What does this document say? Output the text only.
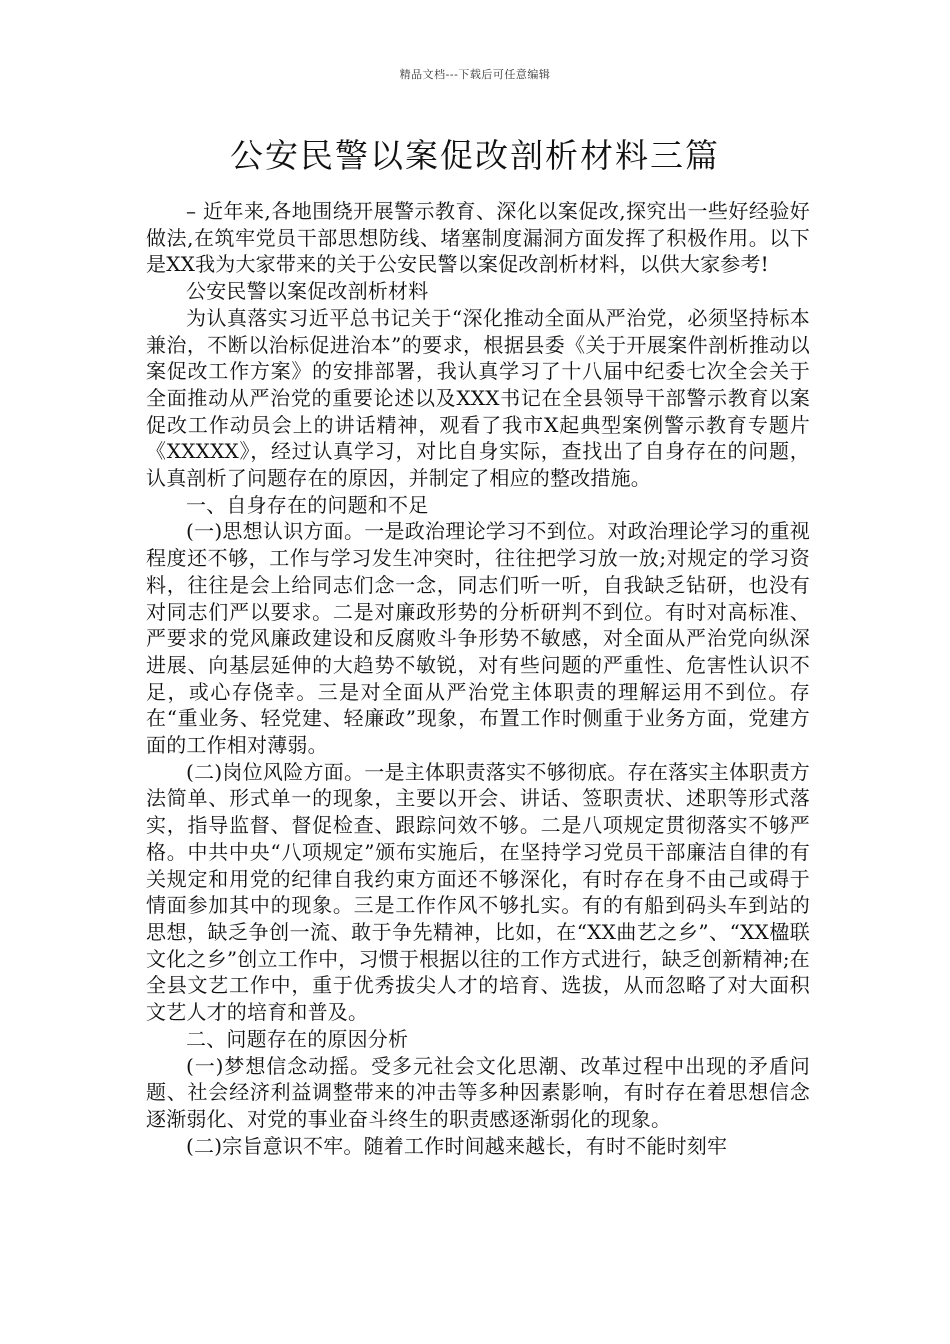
精品文档---下载后可任意编辑
公安民警以案促改剖析材料三篇

– 近年来,各地围绕开展警示教育、深化以案促改,探究出一些好经验好做法,在筑牢党员干部思想防线、堵塞制度漏洞方面发挥了积极作用。以下是XX我为大家带来的关于公安民警以案促改剖析材料，以供大家参考!

公安民警以案促改剖析材料

为认真落实习近平总书记关于“深化推动全面从严治党，必须坚持标本兼治，不断以治标促进治本”的要求，根据县委《关于开展案件剖析推动以案促改工作方案》的安排部署，我认真学习了十八届中纪委七次全会关于全面推动从严治党的重要论述以及XXX书记在全县领导干部警示教育以案促改工作动员会上的讲话精神，观看了我市X起典型案例警示教育专题片《XXXXX》，经过认真学习，对比自身实际，查找出了自身存在的问题，认真剖析了问题存在的原因，并制定了相应的整改措施。

一、自身存在的问题和不足

(一)思想认识方面。一是政治理论学习不到位。对政治理论学习的重视程度还不够，工作与学习发生冲突时，往往把学习放一放;对规定的学习资料，往往是会上给同志们念一念，同志们听一听，自我缺乏钻研，也没有对同志们严以要求。二是对廉政形势的分析研判不到位。有时对高标准、严要求的党风廉政建设和反腐败斗争形势不敏感，对全面从严治党向纵深进展、向基层延伸的大趋势不敏锐，对有些问题的严重性、危害性认识不足，或心存侥幸。三是对全面从严治党主体职责的理解运用不到位。存在“重业务、轻党建、轻廉政”现象，布置工作时侧重于业务方面，党建方面的工作相对薄弱。

(二)岗位风险方面。一是主体职责落实不够彻底。存在落实主体职责方法简单、形式单一的现象，主要以开会、讲话、签职责状、述职等形式落实，指导监督、督促检查、跟踪问效不够。二是八项规定贯彻落实不够严格。中共中央“八项规定”颁布实施后，在坚持学习党员干部廉洁自律的有关规定和用党的纪律自我约束方面还不够深化，有时存在身不由己或碍于情面参加其中的现象。三是工作作风不够扎实。有的有船到码头车到站的思想，缺乏争创一流、敢于争先精神，比如，在“XX曲艺之乡”、“XX楹联文化之乡”创立工作中，习惯于根据以往的工作方式进行，缺乏创新精神;在全县文艺工作中，重于优秀拔尖人才的培育、选拔，从而忽略了对大面积文艺人才的培育和普及。

二、问题存在的原因分析

(一)梦想信念动摇。受多元社会文化思潮、改革过程中出现的矛盾问题、社会经济利益调整带来的冲击等多种因素影响，有时存在着思想信念逐渐弱化、对党的事业奋斗终生的职责感逐渐弱化的现象。

(二)宗旨意识不牢。随着工作时间越来越长，有时不能时刻牢
